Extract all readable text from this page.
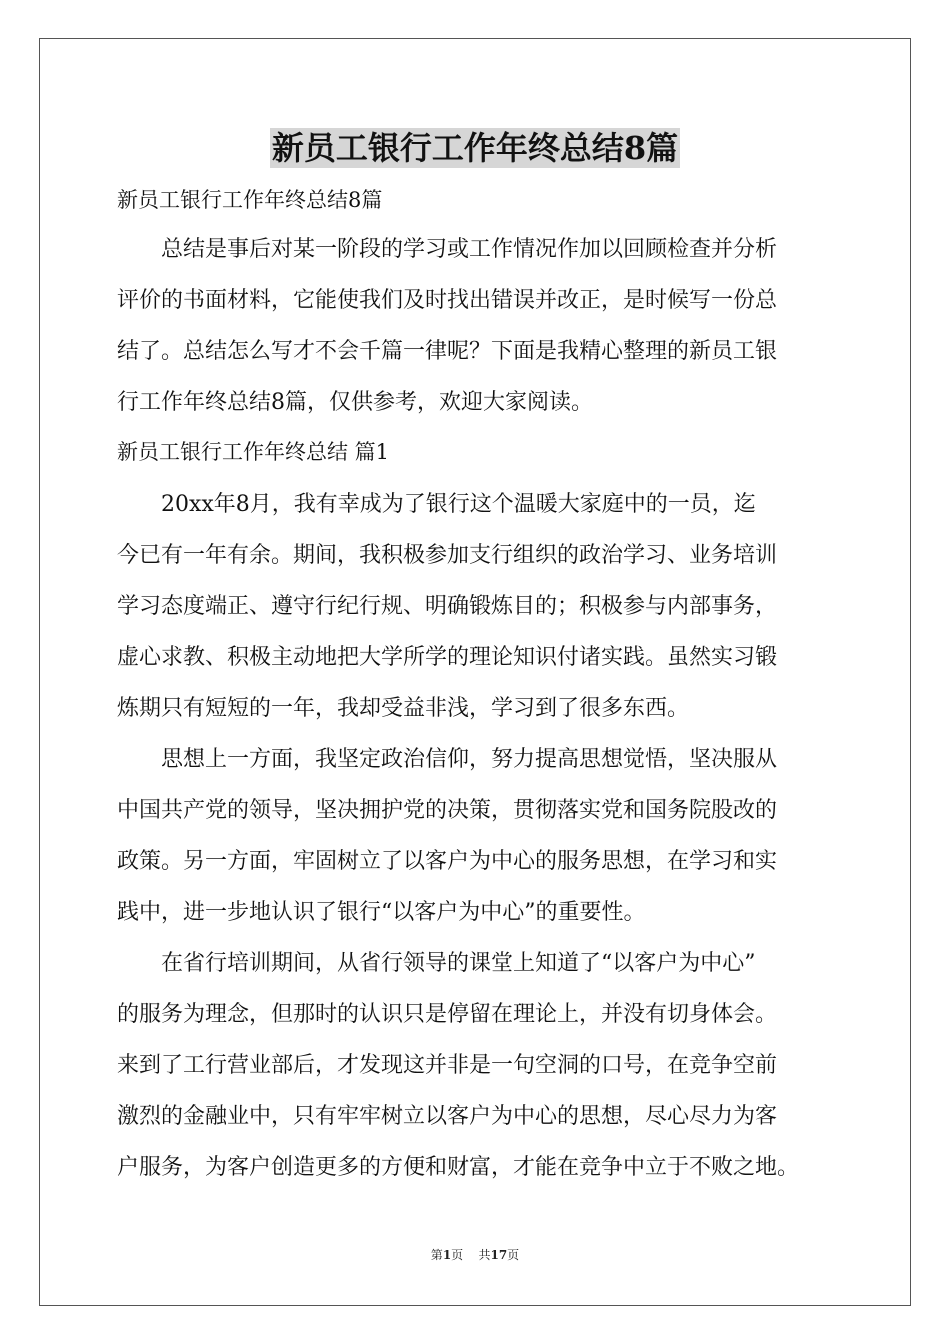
新员工银行工作年终总结8篇
新员工银行工作年终总结8篇
总结是事后对某一阶段的学习或工作情况作加以回顾检查并分析
评价的书面材料，它能使我们及时找出错误并改正，是时候写一份总
结了。总结怎么写才不会千篇一律呢？下面是我精心整理的新员工银
行工作年终总结8篇，仅供参考，欢迎大家阅读。
新员工银行工作年终总结 篇1
20xx年8月，我有幸成为了银行这个温暖大家庭中的一员，迄
今已有一年有余。期间，我积极参加支行组织的政治学习、业务培训
学习态度端正、遵守行纪行规、明确锻炼目的；积极参与内部事务，
虚心求教、积极主动地把大学所学的理论知识付诸实践。虽然实习锻
炼期只有短短的一年，我却受益非浅，学习到了很多东西。
思想上一方面，我坚定政治信仰，努力提高思想觉悟，坚决服从
中国共产党的领导，坚决拥护党的决策，贯彻落实党和国务院股改的
政策。另一方面，牢固树立了以客户为中心的服务思想，在学习和实
践中，进一步地认识了银行“以客户为中心”的重要性。
在省行培训期间，从省行领导的课堂上知道了“以客户为中心”
的服务为理念，但那时的认识只是停留在理论上，并没有切身体会。
来到了工行营业部后，才发现这并非是一句空洞的口号，在竞争空前
激烈的金融业中，只有牢牢树立以客户为中心的思想，尽心尽力为客
户服务，为客户创造更多的方便和财富，才能在竞争中立于不败之地。
第1页 共17页
